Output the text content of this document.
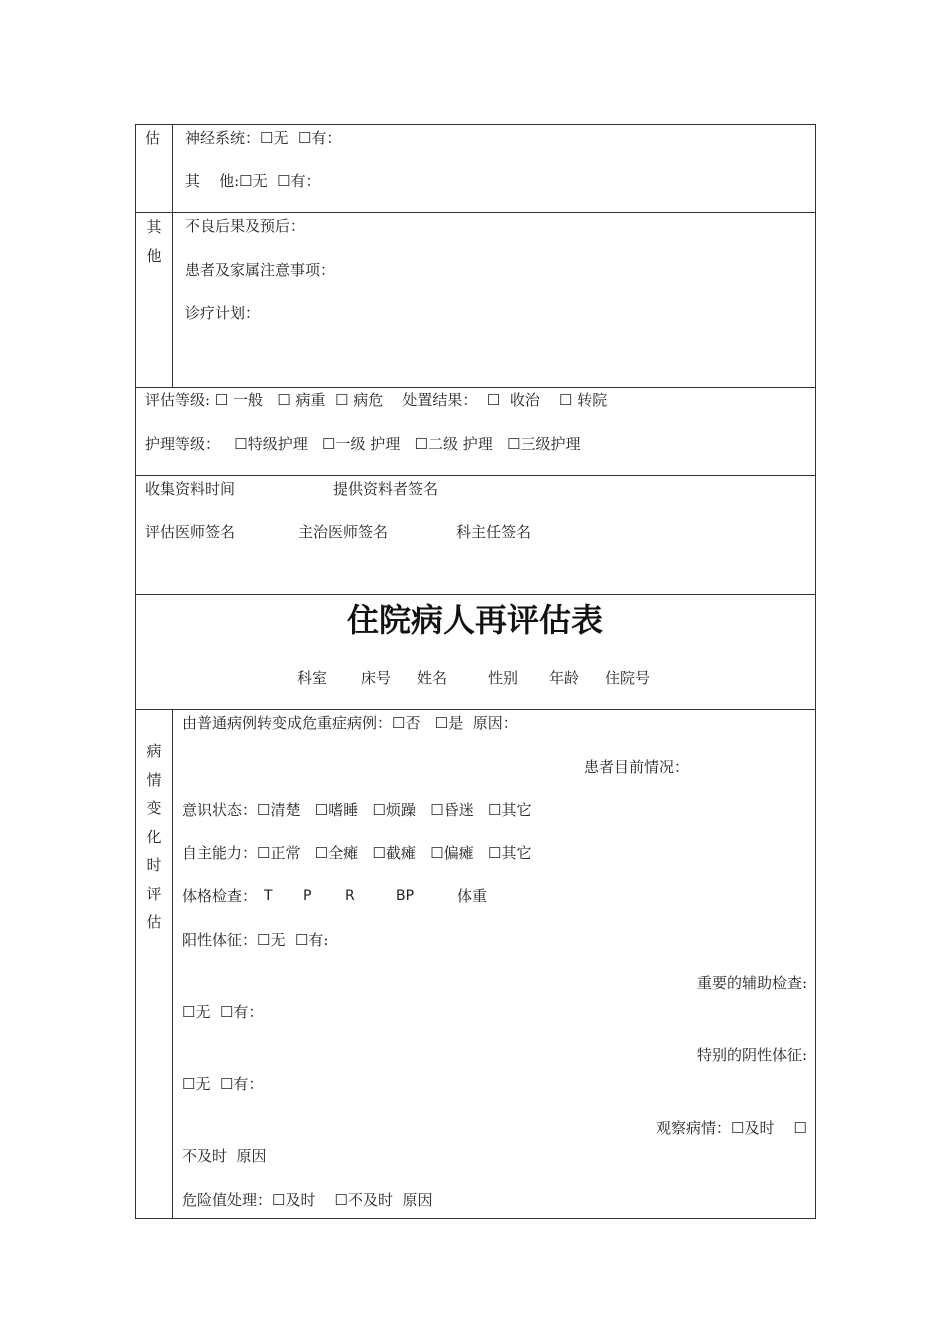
估 神经系统：☐无  ☐有：
其    他:☐无  ☐有：
其他
不良后果及预后：
患者及家属注意事项：
诊疗计划：
评估等级: ☐ 一般   ☐ 病重  ☐ 病危    处置结果：  ☐  收治    ☐ 转院
护理等级：   ☐特级护理   ☐一级 护理   ☐二级 护理   ☐三级护理
收集资料时间	提供资料者签名
评估医师签名	主治医师签名	科主任签名
住院病人再评估表
科室 床号 姓名	性别 年龄 住院号
病情变化时评估
由普通病例转变成危重症病例：☐否   ☐是  原因：
患者目前情况：
意识状态：☐清楚   ☐嗜睡   ☐烦躁   ☐昏迷   ☐其它
自主能力：☐正常   ☐全瘫   ☐截瘫   ☐偏瘫   ☐其它
体格检查： T P R	BP	体重
阳性体征：☐无  ☐有:
重要的辅助检查:
☐无  ☐有：
特别的阴性体征:
☐无  ☐有：
观察病情：☐及时    ☐
不及时  原因
危险值处理：☐及时    ☐不及时  原因
